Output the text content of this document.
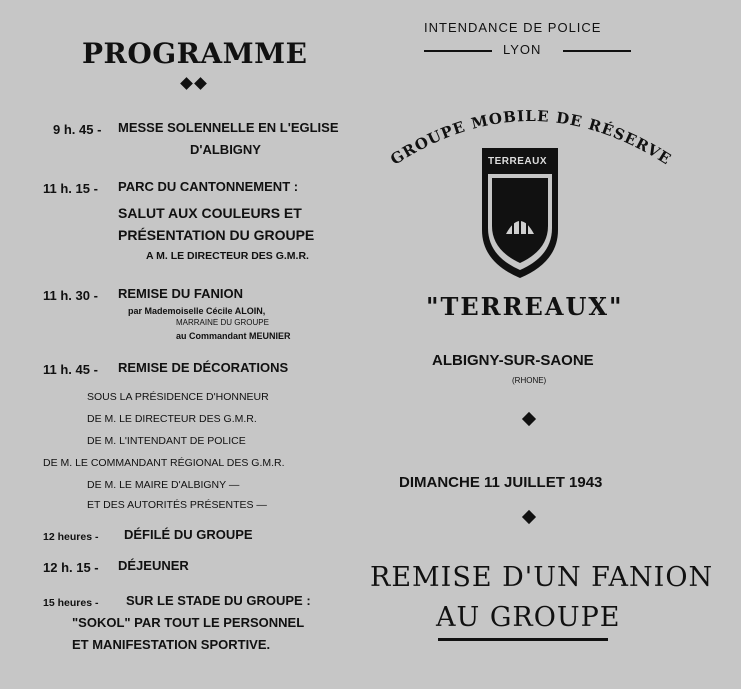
PROGRAMME
9 h. 45 - MESSE SOLENNELLE EN L'EGLISE
D'ALBIGNY
11 h. 15 - PARC DU CANTONNEMENT :
SALUT AUX COULEURS ET
PRÉSENTATION DU GROUPE
A M. LE DIRECTEUR DES G.M.R.
11 h. 30 - REMISE DU FANION
par Mademoiselle Cécile ALOIN,
MARRAINE DU GROUPE
au Commandant MEUNIER
11 h. 45 - REMISE DE DÉCORATIONS
SOUS LA PRÉSIDENCE D'HONNEUR
DE M. LE DIRECTEUR DES G.M.R.
DE M. L'INTENDANT DE POLICE
DE M. LE COMMANDANT RÉGIONAL DES G.M.R.
DE M. LE MAIRE D'ALBIGNY —
ET DES AUTORITÉS PRÉSENTES —
12 heures - DÉFILÉ DU GROUPE
12 h. 15 - DÉJEUNER
15 heures - SUR LE STADE DU GROUPE :
"SOKOL" PAR TOUT LE PERSONNEL
ET MANIFESTATION SPORTIVE.
INTENDANCE DE POLICE
LYON
GROUPE MOBILE DE RÉSERVE
TERREAUX
"TERREAUX"
ALBIGNY-SUR-SAONE
(RHONE)
DIMANCHE 11 JUILLET 1943
REMISE D'UN FANION
AU GROUPE
